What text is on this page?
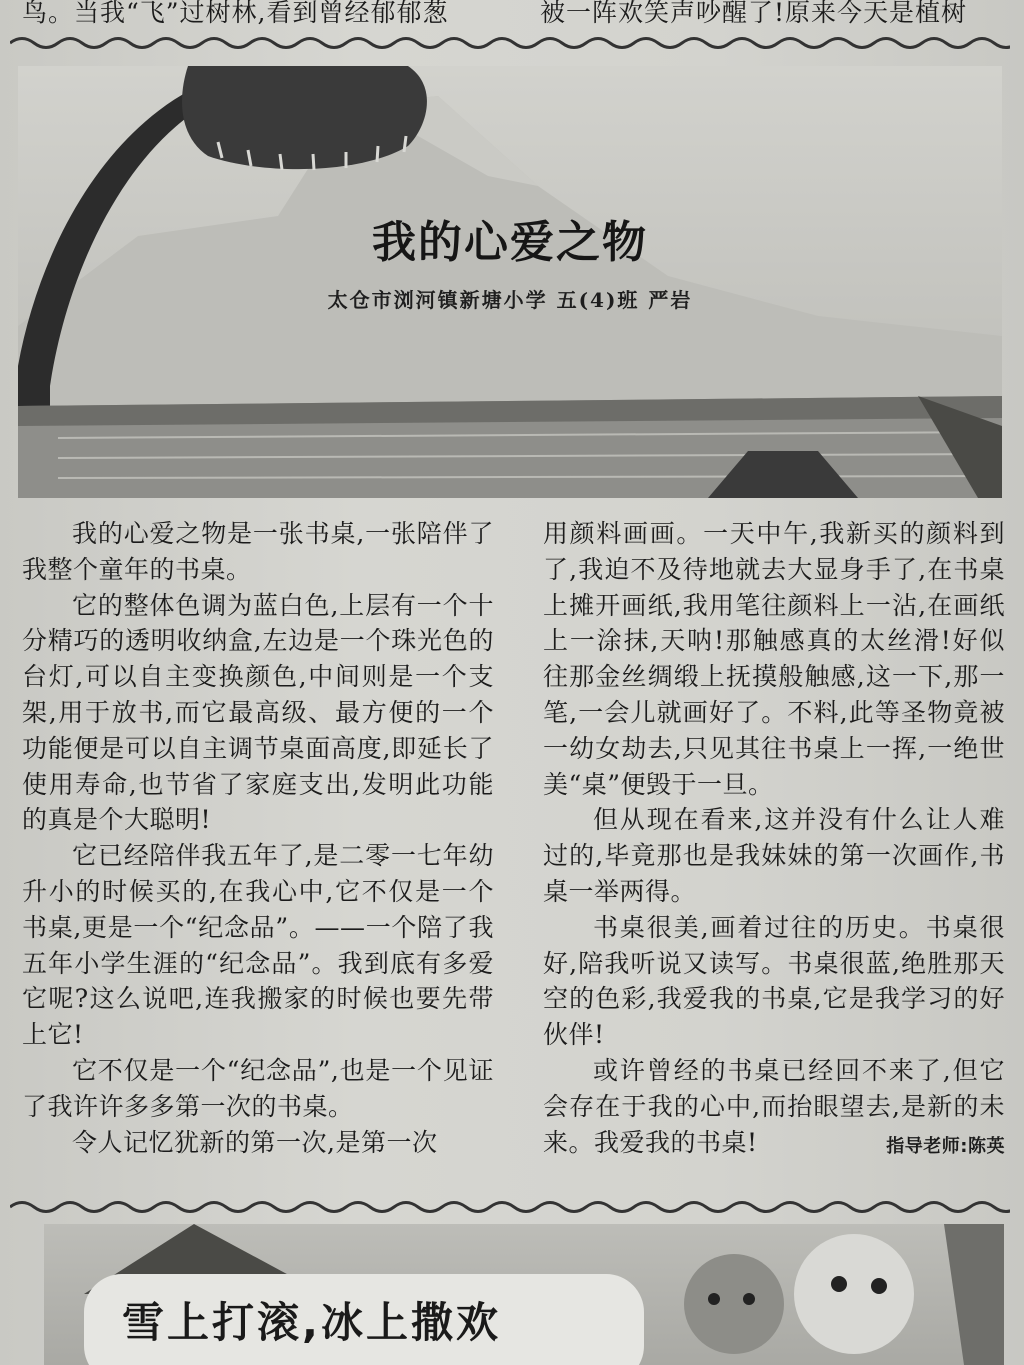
鸟。当我“飞”过树林,看到曾经郁郁葱	被一阵欢笑声吵醒了!原来今天是植树
我的心爱之物
太仓市浏河镇新塘小学 五(4)班 严岩

我的心爱之物是一张书桌,一张陪伴了我整个童年的书桌。

它的整体色调为蓝白色,上层有一个十分精巧的透明收纳盒,左边是一个珠光色的台灯,可以自主变换颜色,中间则是一个支架,用于放书,而它最高级、最方便的一个功能便是可以自主调节桌面高度,即延长了使用寿命,也节省了家庭支出,发明此功能的真是个大聪明!

它已经陪伴我五年了,是二零一七年幼升小的时候买的,在我心中,它不仅是一个书桌,更是一个“纪念品”。——一个陪了我五年小学生涯的“纪念品”。我到底有多爱它呢?这么说吧,连我搬家的时候也要先带上它!

它不仅是一个“纪念品”,也是一个见证了我许许多多第一次的书桌。

令人记忆犹新的第一次,是第一次

用颜料画画。一天中午,我新买的颜料到了,我迫不及待地就去大显身手了,在书桌上摊开画纸,我用笔往颜料上一沾,在画纸上一涂抹,天呐!那触感真的太丝滑!好似往那金丝绸缎上抚摸般触感,这一下,那一笔,一会儿就画好了。不料,此等圣物竟被一幼女劫去,只见其往书桌上一挥,一绝世美“桌”便毁于一旦。

但从现在看来,这并没有什么让人难过的,毕竟那也是我妹妹的第一次画作,书桌一举两得。

书桌很美,画着过往的历史。书桌很好,陪我听说又读写。书桌很蓝,绝胜那天空的色彩,我爱我的书桌,它是我学习的好伙伴!

或许曾经的书桌已经回不来了,但它会存在于我的心中,而抬眼望去,是新的未来。我爱我的书桌!	指导老师:陈英

雪上打滚,冰上撒欢
